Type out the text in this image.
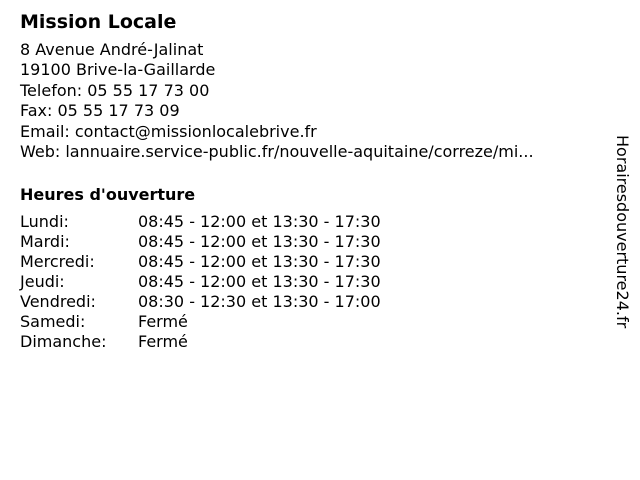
Mission Locale
8 Avenue André-Jalinat
19100 Brive-la-Gaillarde
Telefon: 05 55 17 73 00
Fax: 05 55 17 73 09
Email: contact@missionlocalebrive.fr
Web: lannuaire.service-public.fr/nouvelle-aquitaine/correze/mi...
Heures d'ouverture
Lundi:	08:45 - 12:00 et 13:30 - 17:30
Mardi:	08:45 - 12:00 et 13:30 - 17:30
Mercredi:	08:45 - 12:00 et 13:30 - 17:30
Jeudi:	08:45 - 12:00 et 13:30 - 17:30
Vendredi:	08:30 - 12:30 et 13:30 - 17:00
Samedi:	Fermé
Dimanche:	Fermé
Horairesdouverture24.fr
